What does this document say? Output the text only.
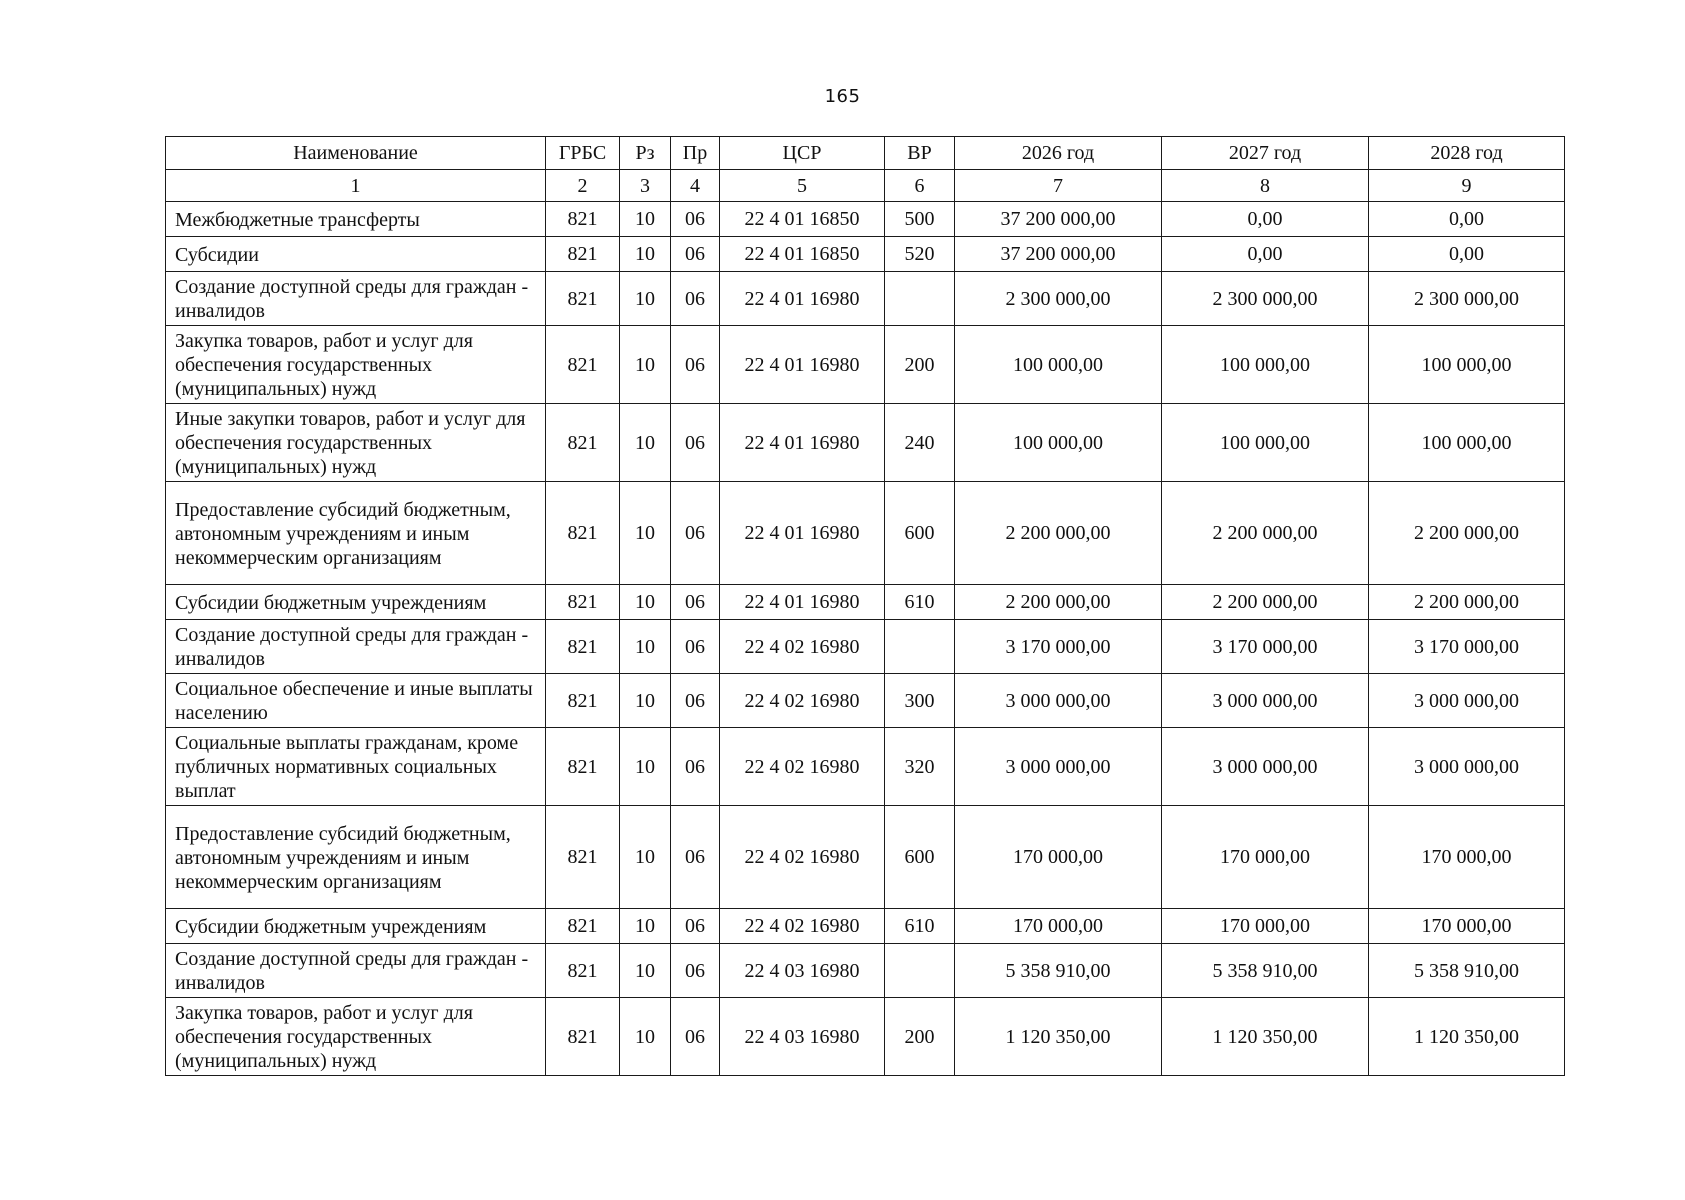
165
Наименование	ГРБС	Рз	Пр	ЦСР	ВР	2026 год	2027 год	2028 год
1	2	3	4	5	6	7	8	9
Межбюджетные трансферты	821	10	06	22 4 01 16850	500	37 200 000,00	0,00	0,00
Субсидии	821	10	06	22 4 01 16850	520	37 200 000,00	0,00	0,00
Создание доступной среды для граждан - инвалидов	821	10	06	22 4 01 16980		2 300 000,00	2 300 000,00	2 300 000,00
Закупка товаров, работ и услуг для обеспечения государственных (муниципальных) нужд	821	10	06	22 4 01 16980	200	100 000,00	100 000,00	100 000,00
Иные закупки товаров, работ и услуг для обеспечения государственных (муниципальных) нужд	821	10	06	22 4 01 16980	240	100 000,00	100 000,00	100 000,00
Предоставление субсидий бюджетным, автономным учреждениям и иным некоммерческим организациям	821	10	06	22 4 01 16980	600	2 200 000,00	2 200 000,00	2 200 000,00
Субсидии бюджетным учреждениям	821	10	06	22 4 01 16980	610	2 200 000,00	2 200 000,00	2 200 000,00
Создание доступной среды для граждан - инвалидов	821	10	06	22 4 02 16980		3 170 000,00	3 170 000,00	3 170 000,00
Социальное обеспечение и иные выплаты населению	821	10	06	22 4 02 16980	300	3 000 000,00	3 000 000,00	3 000 000,00
Социальные выплаты гражданам, кроме публичных нормативных социальных выплат	821	10	06	22 4 02 16980	320	3 000 000,00	3 000 000,00	3 000 000,00
Предоставление субсидий бюджетным, автономным учреждениям и иным некоммерческим организациям	821	10	06	22 4 02 16980	600	170 000,00	170 000,00	170 000,00
Субсидии бюджетным учреждениям	821	10	06	22 4 02 16980	610	170 000,00	170 000,00	170 000,00
Создание доступной среды для граждан - инвалидов	821	10	06	22 4 03 16980		5 358 910,00	5 358 910,00	5 358 910,00
Закупка товаров, работ и услуг для обеспечения государственных (муниципальных) нужд	821	10	06	22 4 03 16980	200	1 120 350,00	1 120 350,00	1 120 350,00
